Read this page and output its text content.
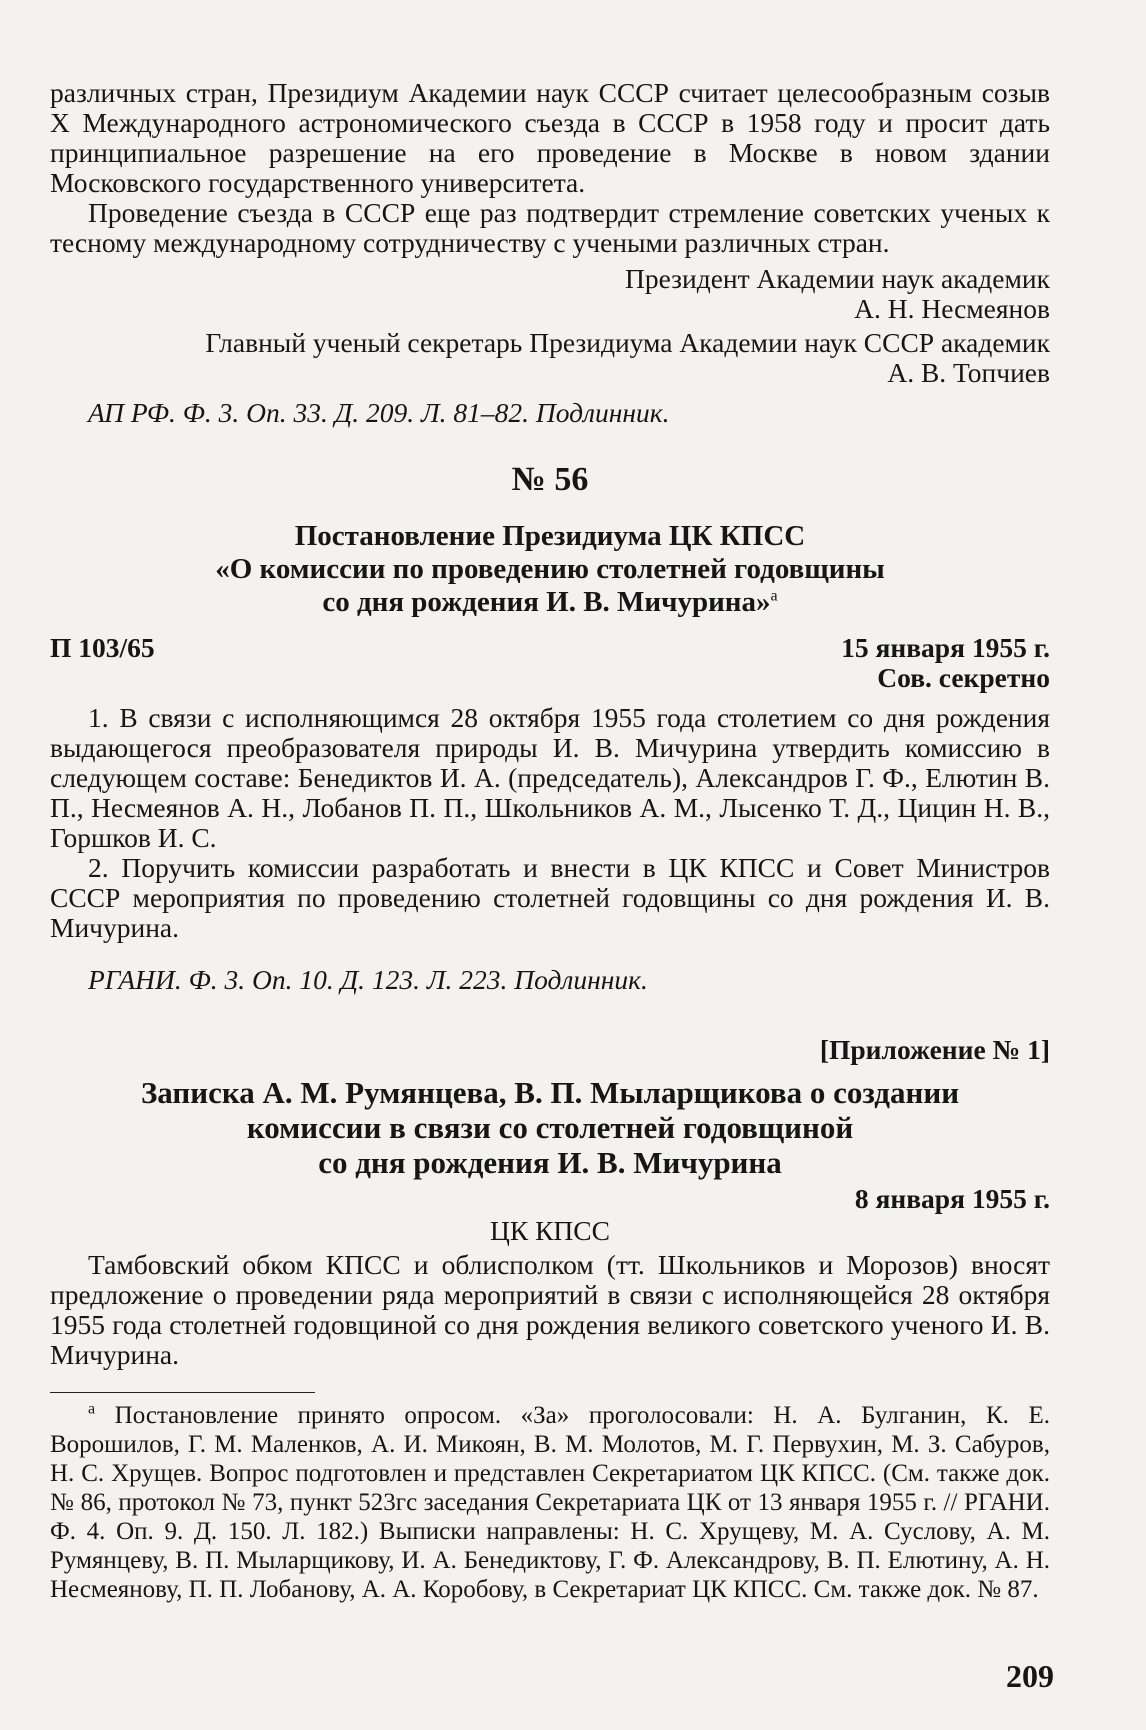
различных стран, Президиум Академии наук СССР считает целесообразным созыв X Международного астрономического съезда в СССР в 1958 году и просит дать принципиальное разрешение на его проведение в Москве в новом здании Московского государственного университета.

Проведение съезда в СССР еще раз подтвердит стремление советских ученых к тесному международному сотрудничеству с учеными различных стран.

Президент Академии наук академик

А. Н. Несмеянов

Главный ученый секретарь Президиума Академии наук СССР академик

А. В. Топчиев

АП РФ. Ф. 3. Оп. 33. Д. 209. Л. 81–82. Подлинник.

№ 56
Постановление Президиума ЦК КПСС
«О комиссии по проведению столетней годовщины
со дня рождения И. В. Мичурина»$^а$
П 103/65	15 января 1955 г.
Сов. секретно

1. В связи с исполняющимся 28 октября 1955 года столетием со дня рождения выдающегося преобразователя природы И. В. Мичурина утвердить комиссию в следующем составе: Бенедиктов И. А. (председатель), Александров Г. Ф., Елютин В. П., Несмеянов А. Н., Лобанов П. П., Школьников А. М., Лысенко Т. Д., Цицин Н. В., Горшков И. С.

2. Поручить комиссии разработать и внести в ЦК КПСС и Совет Министров СССР мероприятия по проведению столетней годовщины со дня рождения И. В. Мичурина.

РГАНИ. Ф. 3. Оп. 10. Д. 123. Л. 223. Подлинник.

[Приложение № 1]
Записка А. М. Румянцева, В. П. Мыларщикова о создании
комиссии в связи со столетней годовщиной
со дня рождения И. В. Мичурина
8 января 1955 г.
ЦК КПСС

Тамбовский обком КПСС и облисполком (тт. Школьников и Морозов) вносят предложение о проведении ряда мероприятий в связи с исполняющейся 28 октября 1955 года столетней годовщиной со дня рождения великого советского ученого И. В. Мичурина.

$^а$ Постановление принято опросом. «За» проголосовали: Н. А. Булганин, К. Е. Ворошилов, Г. М. Маленков, А. И. Микоян, В. М. Молотов, М. Г. Первухин, М. З. Сабуров, Н. С. Хрущев. Вопрос подготовлен и представлен Секретариатом ЦК КПСС. (См. также док. № 86, протокол № 73, пункт 523гс заседания Секретариата ЦК от 13 января 1955 г. // РГАНИ. Ф. 4. Оп. 9. Д. 150. Л. 182.) Выписки направлены: Н. С. Хрущеву, М. А. Суслову, А. М. Румянцеву, В. П. Мыларщикову, И. А. Бенедиктову, Г. Ф. Александрову, В. П. Елютину, А. Н. Несмеянову, П. П. Лобанову, А. А. Коробову, в Секретариат ЦК КПСС. См. также док. № 87.

209
